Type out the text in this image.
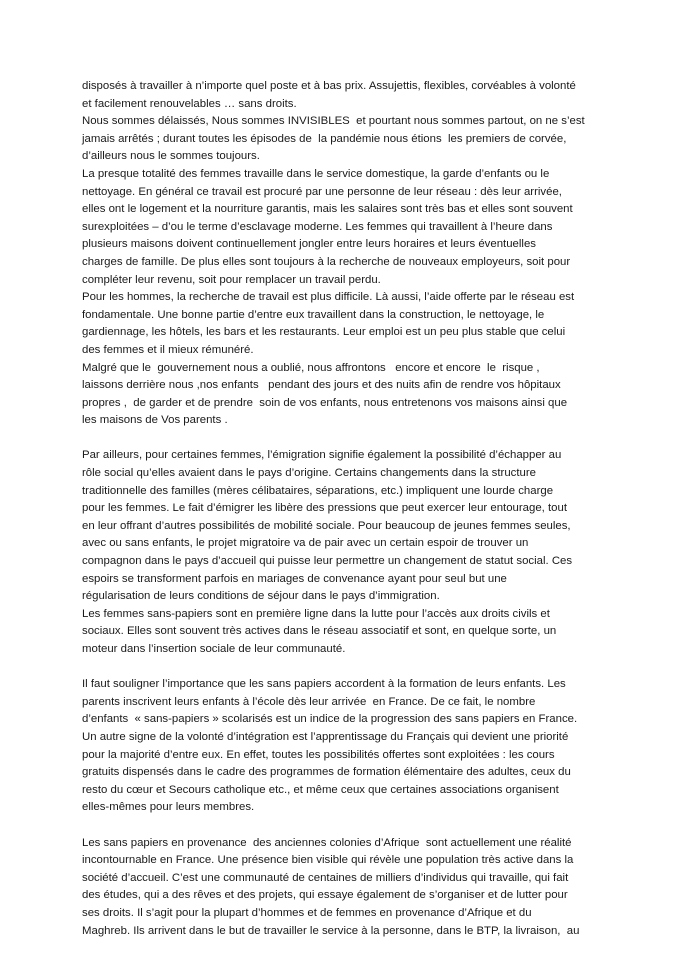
disposés à travailler à n’importe quel poste et à bas prix. Assujettis, flexibles, corvéables à volonté
et facilement renouvelables … sans droits.
Nous sommes délaissés, Nous sommes INVISIBLES  et pourtant nous sommes partout, on ne s’est
jamais arrêtés ; durant toutes les épisodes de  la pandémie nous étions  les premiers de corvée,
d’ailleurs nous le sommes toujours.
La presque totalité des femmes travaille dans le service domestique, la garde d’enfants ou le
nettoyage. En général ce travail est procuré par une personne de leur réseau : dès leur arrivée,
elles ont le logement et la nourriture garantis, mais les salaires sont très bas et elles sont souvent
surexploitées – d’ou le terme d’esclavage moderne. Les femmes qui travaillent à l’heure dans
plusieurs maisons doivent continuellement jongler entre leurs horaires et leurs éventuelles
charges de famille. De plus elles sont toujours à la recherche de nouveaux employeurs, soit pour
compléter leur revenu, soit pour remplacer un travail perdu.
Pour les hommes, la recherche de travail est plus difficile. Là aussi, l’aide offerte par le réseau est
fondamentale. Une bonne partie d’entre eux travaillent dans la construction, le nettoyage, le
gardiennage, les hôtels, les bars et les restaurants. Leur emploi est un peu plus stable que celui
des femmes et il mieux rémunéré.
Malgré que le  gouvernement nous a oublié, nous affrontons   encore et encore  le  risque ,
laissons derrière nous ,nos enfants   pendant des jours et des nuits afin de rendre vos hôpitaux
propres ,  de garder et de prendre  soin de vos enfants, nous entretenons vos maisons ainsi que
les maisons de Vos parents .
Par ailleurs, pour certaines femmes, l’émigration signifie également la possibilité d’échapper au
rôle social qu’elles avaient dans le pays d’origine. Certains changements dans la structure
traditionnelle des familles (mères célibataires, séparations, etc.) impliquent une lourde charge
pour les femmes. Le fait d’émigrer les libère des pressions que peut exercer leur entourage, tout
en leur offrant d’autres possibilités de mobilité sociale. Pour beaucoup de jeunes femmes seules,
avec ou sans enfants, le projet migratoire va de pair avec un certain espoir de trouver un
compagnon dans le pays d’accueil qui puisse leur permettre un changement de statut social. Ces
espoirs se transforment parfois en mariages de convenance ayant pour seul but une
régularisation de leurs conditions de séjour dans le pays d’immigration.
Les femmes sans-papiers sont en première ligne dans la lutte pour l’accès aux droits civils et
sociaux. Elles sont souvent très actives dans le réseau associatif et sont, en quelque sorte, un
moteur dans l’insertion sociale de leur communauté.
Il faut souligner l’importance que les sans papiers accordent à la formation de leurs enfants. Les
parents inscrivent leurs enfants à l’école dès leur arrivée  en France. De ce fait, le nombre
d’enfants  « sans-papiers » scolarisés est un indice de la progression des sans papiers en France.
Un autre signe de la volonté d’intégration est l’apprentissage du Français qui devient une priorité
pour la majorité d’entre eux. En effet, toutes les possibilités offertes sont exploitées : les cours
gratuits dispensés dans le cadre des programmes de formation élémentaire des adultes, ceux du
resto du cœur et Secours catholique etc., et même ceux que certaines associations organisent
elles-mêmes pour leurs membres.
Les sans papiers en provenance  des anciennes colonies d’Afrique  sont actuellement une réalité
incontournable en France. Une présence bien visible qui révèle une population très active dans la
société d’accueil. C’est une communauté de centaines de milliers d’individus qui travaille, qui fait
des études, qui a des rêves et des projets, qui essaye également de s’organiser et de lutter pour
ses droits. Il s’agit pour la plupart d’hommes et de femmes en provenance d’Afrique et du
Maghreb. Ils arrivent dans le but de travailler le service à la personne, dans le BTP, la livraison,  au
